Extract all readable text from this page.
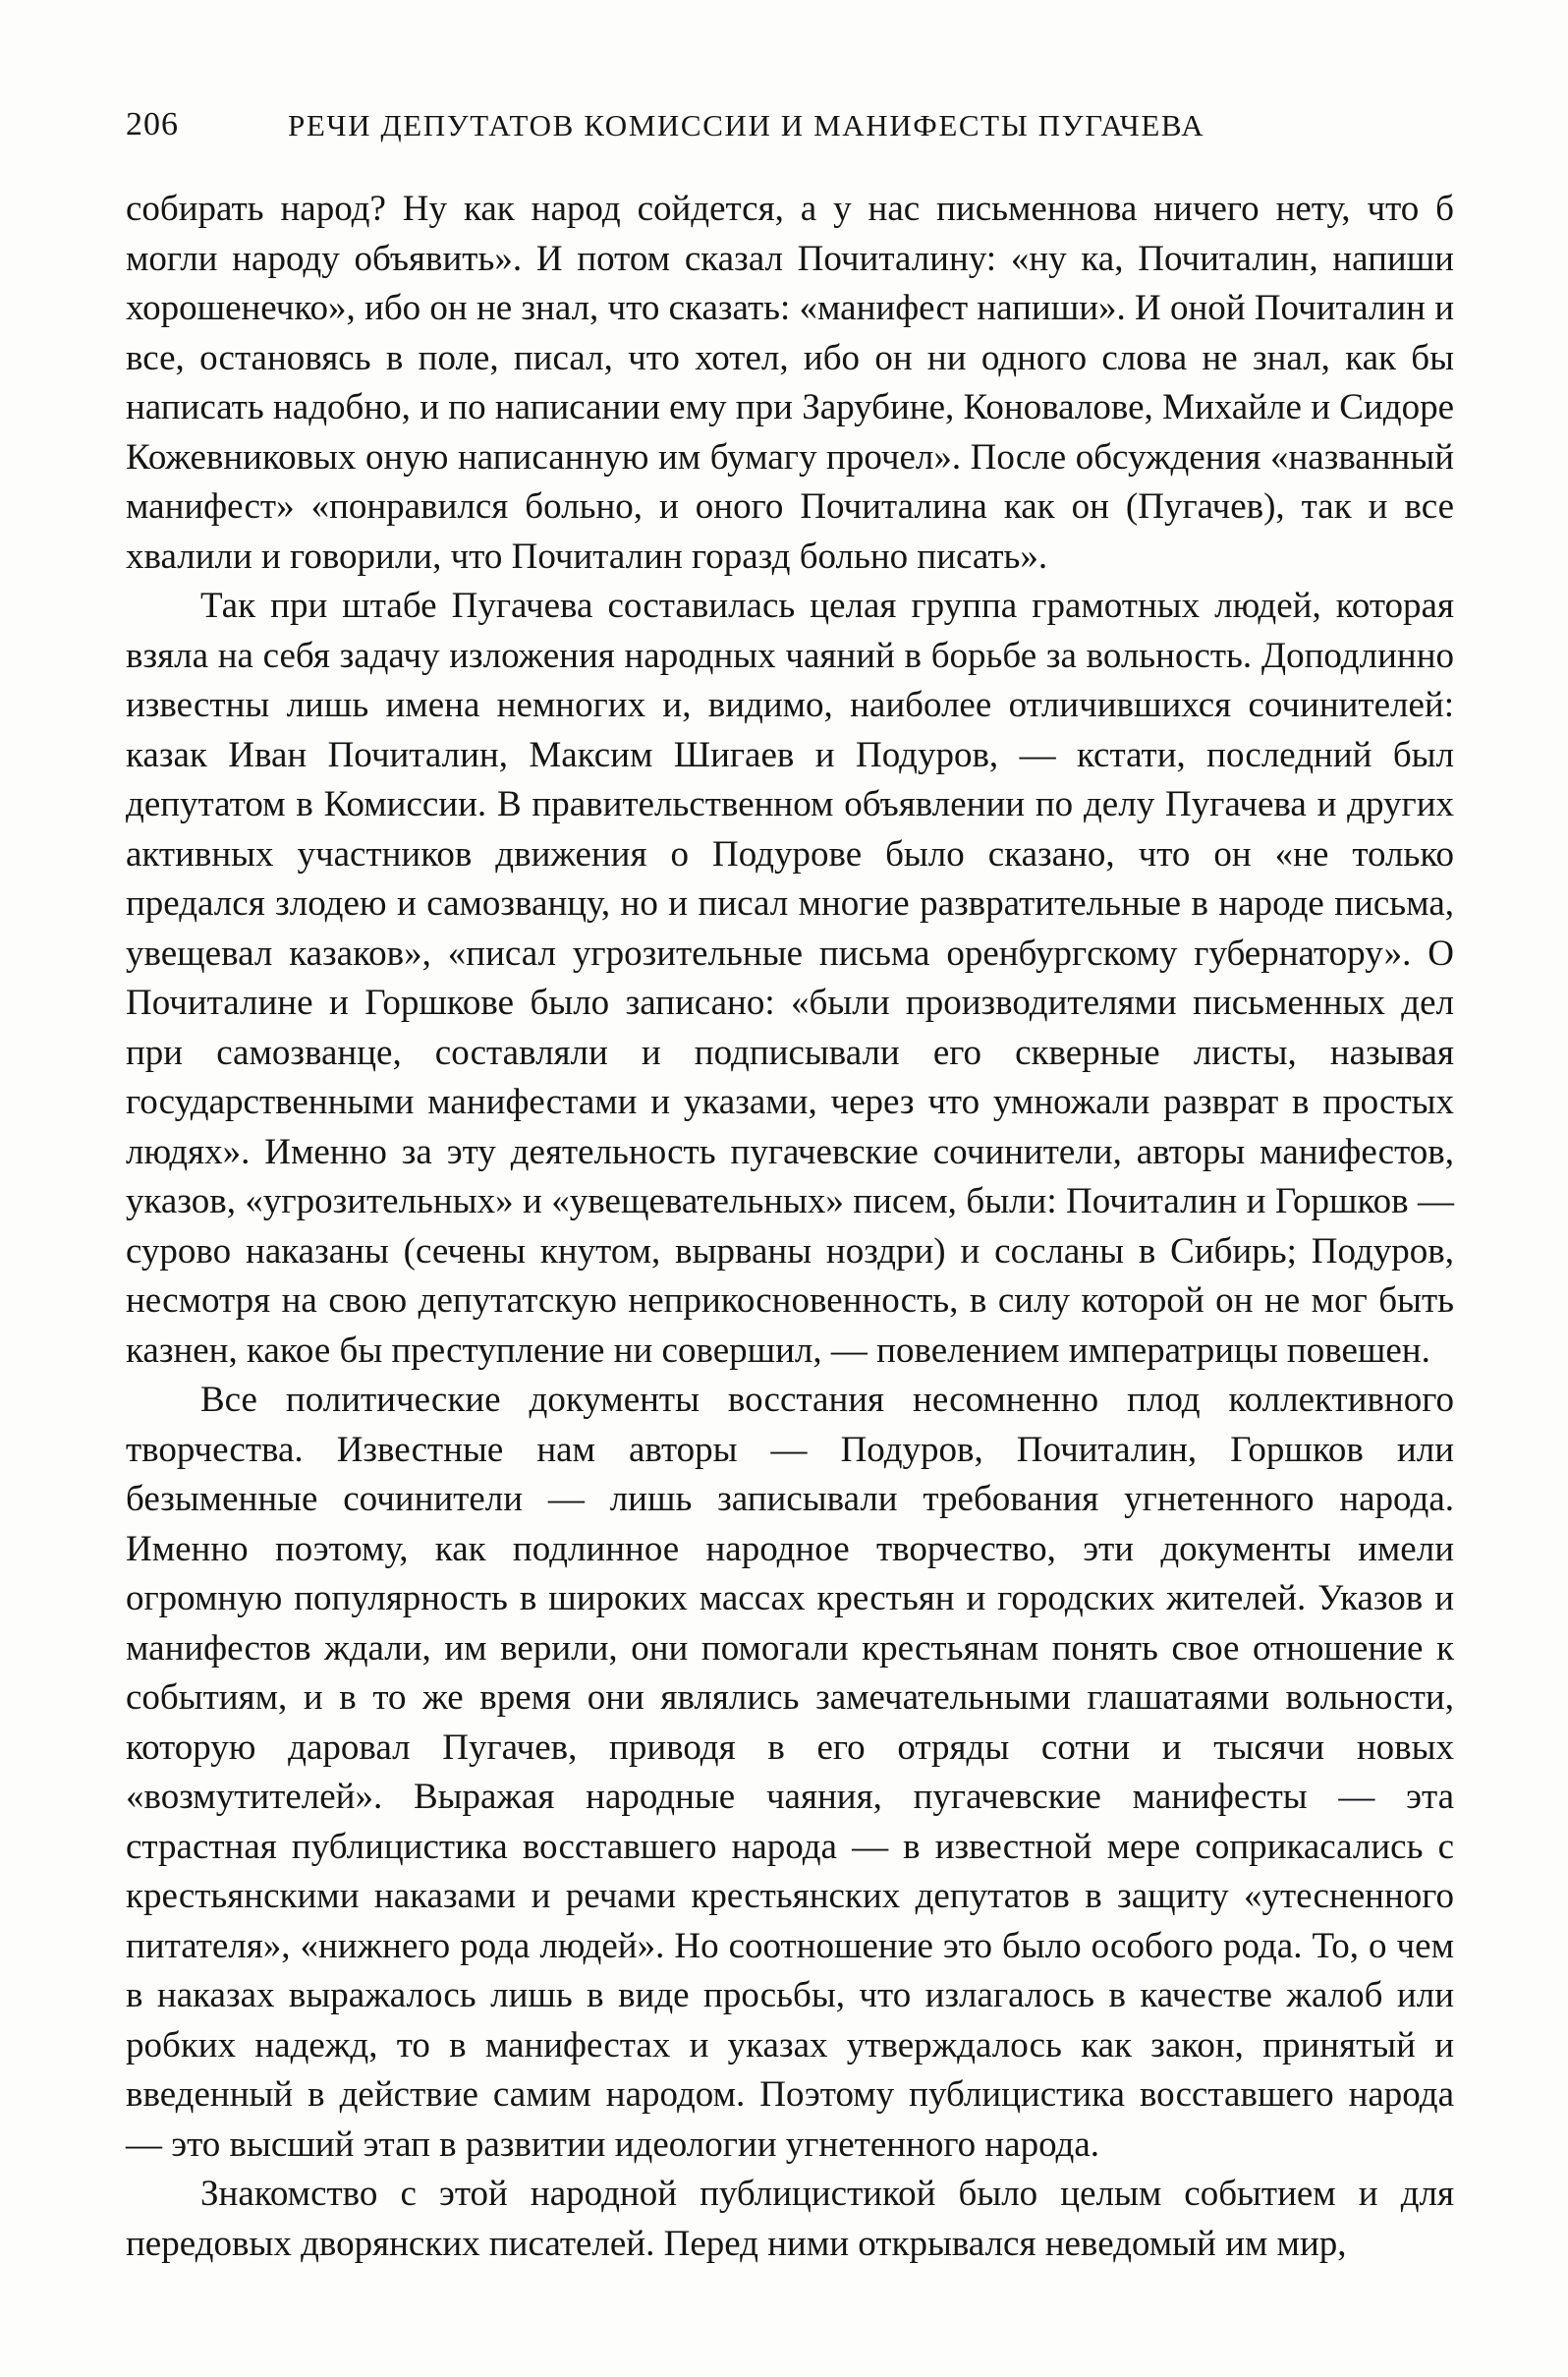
206	РЕЧИ ДЕПУТАТОВ КОМИССИИ И МАНИФЕСТЫ ПУГАЧЕВА

собирать народ? Ну как народ сойдется, а у нас письменнова ничего нету, что б могли народу объявить». И потом сказал Почиталину: «ну ка, Почиталин, напиши хорошенечко», ибо он не знал, что сказать: «манифест напиши». И оной Почиталин и все, остановясь в поле, писал, что хотел, ибо он ни одного слова не знал, как бы написать надобно, и по написании ему при Зарубине, Коновалове, Михайле и Сидоре Кожевниковых оную написанную им бумагу прочел». После обсуждения «названный манифест» «понравился больно, и оного Почиталина как он (Пугачев), так и все хвалили и говорили, что Почиталин горазд больно писать».

Так при штабе Пугачева составилась целая группа грамотных людей, которая взяла на себя задачу изложения народных чаяний в борьбе за вольность. Доподлинно известны лишь имена немногих и, видимо, наиболее отличившихся сочинителей: казак Иван Почиталин, Максим Шигаев и Подуров, — кстати, последний был депутатом в Комиссии. В правительственном объявлении по делу Пугачева и других активных участников движения о Подурове было сказано, что он «не только предался злодею и самозванцу, но и писал многие развратительные в народе письма, увещевал казаков», «писал угрозительные письма оренбургскому губернатору». О Почиталине и Горшкове было записано: «были производителями письменных дел при самозванце, составляли и подписывали его скверные листы, называя государственными манифестами и указами, через что умножали разврат в простых людях». Именно за эту деятельность пугачевские сочинители, авторы манифестов, указов, «угрозительных» и «увещевательных» писем, были: Почиталин и Горшков — сурово наказаны (сечены кнутом, вырваны ноздри) и сосланы в Сибирь; Подуров, несмотря на свою депутатскую неприкосновенность, в силу которой он не мог быть казнен, какое бы преступление ни совершил, — повелением императрицы повешен.

Все политические документы восстания несомненно плод коллективного творчества. Известные нам авторы — Подуров, Почиталин, Горшков или безыменные сочинители — лишь записывали требования угнетенного народа. Именно поэтому, как подлинное народное творчество, эти документы имели огромную популярность в широких массах крестьян и городских жителей. Указов и манифестов ждали, им верили, они помогали крестьянам понять свое отношение к событиям, и в то же время они являлись замечательными глашатаями вольности, которую даровал Пугачев, приводя в его отряды сотни и тысячи новых «возмутителей». Выражая народные чаяния, пугачевские манифесты — эта страстная публицистика восставшего народа — в известной мере соприкасались с крестьянскими наказами и речами крестьянских депутатов в защиту «утесненного питателя», «нижнего рода людей». Но соотношение это было особого рода. То, о чем в наказах выражалось лишь в виде просьбы, что излагалось в качестве жалоб или робких надежд, то в манифестах и указах утверждалось как закон, принятый и введенный в действие самим народом. Поэтому публицистика восставшего народа — это высший этап в развитии идеологии угнетенного народа.

Знакомство с этой народной публицистикой было целым событием и для передовых дворянских писателей. Перед ними открывался неведомый им мир,
